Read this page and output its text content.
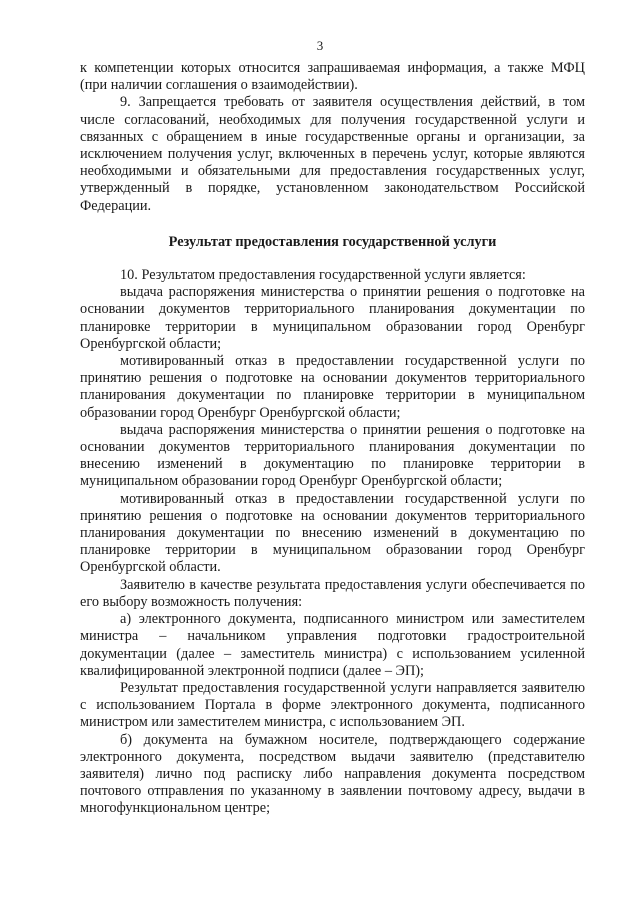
3

к компетенции которых относится запрашиваемая информация, а также МФЦ (при наличии соглашения о взаимодействии).

9. Запрещается требовать от заявителя осуществления действий, в том числе согласований, необходимых для получения государственной услуги и связанных с обращением в иные государственные органы и организации, за исключением получения услуг, включенных в перечень услуг, которые являются необходимыми и обязательными для предоставления государственных услуг, утвержденный в порядке, установленном законодательством Российской Федерации.

Результат предоставления государственной услуги

10. Результатом предоставления государственной услуги является:

выдача распоряжения министерства о принятии решения о подготовке на основании документов территориального планирования документации по планировке территории в муниципальном образовании город Оренбург Оренбургской области;

мотивированный отказ в предоставлении государственной услуги по принятию решения о подготовке на основании документов территориального планирования документации по планировке территории в муниципальном образовании город Оренбург Оренбургской области;

выдача распоряжения министерства о принятии решения о подготовке на основании документов территориального планирования документации по внесению изменений в документацию по планировке территории в муниципальном образовании город Оренбург Оренбургской области;

мотивированный отказ в предоставлении государственной услуги по принятию решения о подготовке на основании документов территориального планирования документации по внесению изменений в документацию по планировке территории в муниципальном образовании город Оренбург Оренбургской области.

Заявителю в качестве результата предоставления услуги обеспечивается по его выбору возможность получения:

а) электронного документа, подписанного министром или заместителем министра – начальником управления подготовки градостроительной документации (далее – заместитель министра) с использованием усиленной квалифицированной электронной подписи (далее – ЭП);

Результат предоставления государственной услуги направляется заявителю с использованием Портала в форме электронного документа, подписанного министром или заместителем министра, с использованием ЭП.

б) документа на бумажном носителе, подтверждающего содержание электронного документа, посредством выдачи заявителю (представителю заявителя) лично под расписку либо направления документа посредством почтового отправления по указанному в заявлении почтовому адресу, выдачи в многофункциональном центре;
